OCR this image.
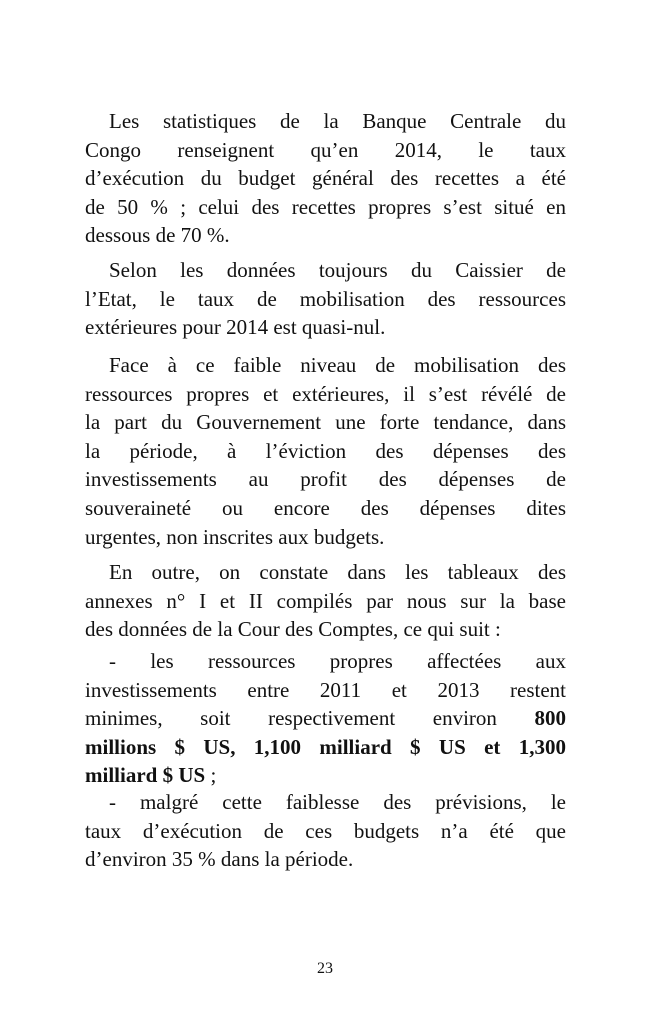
Les statistiques de la Banque Centrale du
Congo renseignent qu’en 2014, le taux
d’exécution du budget général des recettes a été
de 50 % ; celui des recettes propres s’est situé en
dessous de 70 %.
Selon les données toujours du Caissier de
l’Etat, le taux de mobilisation des ressources
extérieures pour 2014 est quasi-nul.
Face à ce faible niveau de mobilisation des
ressources propres et extérieures, il s’est révélé de
la part du Gouvernement une forte tendance, dans
la période, à l’éviction des dépenses des
investissements au profit des dépenses de
souveraineté ou encore des dépenses dites
urgentes, non inscrites aux budgets.
En outre, on constate dans les tableaux des
annexes n° I et II compilés par nous sur la base
des données de la Cour des Comptes, ce qui suit :
- les ressources propres affectées aux
investissements entre 2011 et 2013 restent
minimes, soit respectivement environ 800
millions $ US, 1,100 milliard $ US et 1,300
milliard $ US ;
- malgré cette faiblesse des prévisions, le
taux d’exécution de ces budgets n’a été que
d’environ 35 % dans la période.
23
